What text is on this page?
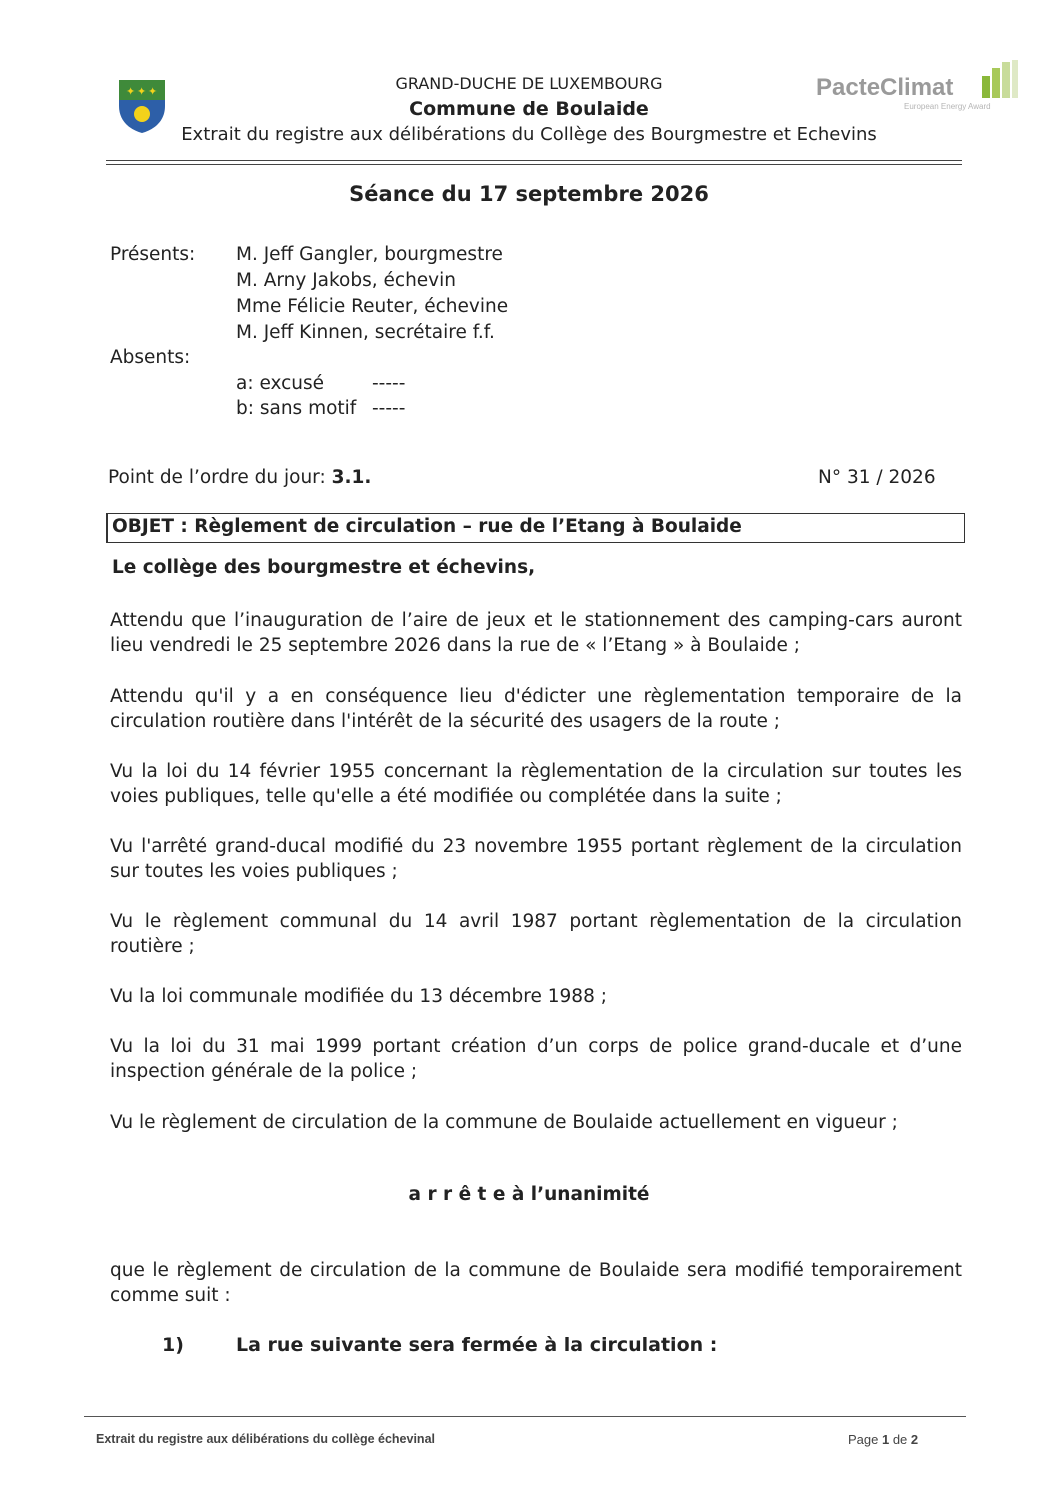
✦ ✦ ✦	GRAND-DUCHE DE LUXEMBOURG
Commune de Boulaide
Extrait du registre aux délibérations du Collège des Bourgmestre et Echevins
PacteClimat
European Energy Award
Séance du 17 septembre 2026
Présents: M. Jeff Gangler, bourgmestre
M. Arny Jakobs, échevin
Mme Félicie Reuter, échevine
M. Jeff Kinnen, secrétaire f.f.
Absents:
a: excusé	-----
b: sans motif -----
Point de l’ordre du jour: 3.1.	N° 31 / 2026
OBJET : Règlement de circulation – rue de l’Etang à Boulaide
Le collège des bourgmestre et échevins,
Attendu que l’inauguration de l’aire de jeux et le stationnement des camping-cars auront lieu vendredi le 25 septembre 2026 dans la rue de « l’Etang » à Boulaide ;
Attendu qu'il y a en conséquence lieu d'édicter une règlementation temporaire de la circulation routière dans l'intérêt de la sécurité des usagers de la route ;
Vu la loi du 14 février 1955 concernant la règlementation de la circulation sur toutes les voies publiques, telle qu'elle a été modifiée ou complétée dans la suite ;
Vu l'arrêté grand-ducal modifié du 23 novembre 1955 portant règlement de la circulation sur toutes les voies publiques ;
Vu le règlement communal du 14 avril 1987 portant règlementation de la circulation routière ;
Vu la loi communale modifiée du 13 décembre 1988 ;
Vu la loi du 31 mai 1999 portant création d’un corps de police grand-ducale et d’une inspection générale de la police ;
Vu le règlement de circulation de la commune de Boulaide actuellement en vigueur ;
a r r ê t e à l’unanimité
que le règlement de circulation de la commune de Boulaide sera modifié temporairement comme suit :
1)	La rue suivante sera fermée à la circulation :
Extrait du registre aux délibérations du collège échevinal	Page 1 de 2
